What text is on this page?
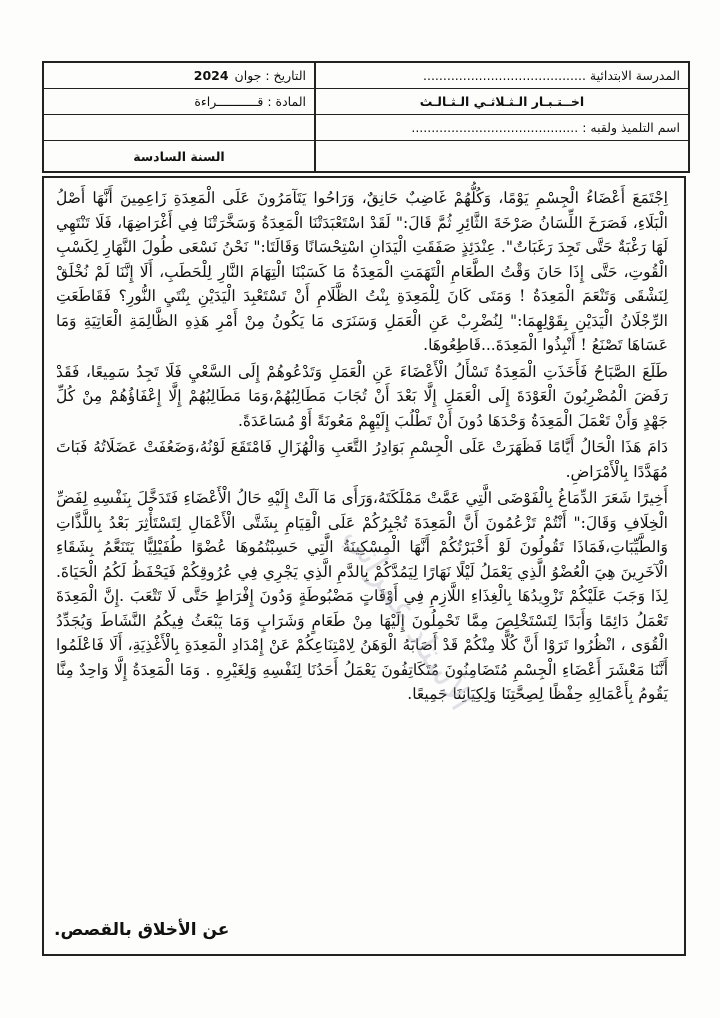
المدرسة الابتدائية .........................................
اخــتـبـار الـثـلاثـي الـثـالـث
اسم التلميذ ولقبه : ..........................................
التاريخ : جوان
2024
المادة : قـــــــــــراءة
السنة السادسة

اِجْتَمَعَ أَعْضَاءُ الْجِسْمِ يَوْمًا، وَكُلُّهُمْ غَاضِبٌ حَانِقٌ، وَرَاحُوا يَتَآمَرُونَ عَلَى الْمَعِدَةِ زَاعِمِينَ أَنَّهَا أَصْلُ الْبَلَاءِ، فَصَرَخَ اللِّسَانُ صَرْخَةَ الثَّائِرِ ثُمَّ قَالَ:" لَقَدْ اسْتَعْبَدَتْنَا الْمَعِدَةُ وَسَخَّرَتْنَا فِي أَغْرَاضِهَا، فَلَا تَنْتَهِي لَهَا رَغْبَةٌ حَتَّى تَجِدَ رَغَبَاتٌ". عِنْدَئِذٍ صَفَقَتِ الْيَدَانِ اسْتِحْسَانًا وَقَالَتَا:" نَحْنُ نَسْعَى طُولَ النَّهَارِ لِكَسْبِ الْقُوتِ، حَتَّى إِذَا حَانَ وَقْتُ الطَّعَامِ الْتَهَمَتِ الْمَعِدَةُ مَا كَسَبْنَا الْتِهَامَ النَّارِ لِلْحَطَبِ، أَلَا إِنَّنَا لَمْ نُخْلَقْ لِنَشْقَى وَتَنْعَمَ الْمَعِدَةُ ! وَمَتَى كَانَ لِلْمَعِدَةِ بِنْتُ الظَّلَامِ أَنْ تَسْتَعْبِدَ الْيَدَيْنِ بِنْتَيِ النُّورِ؟ فَقَاطَعَتِ الرِّجْلَانُ الْيَدَيْنِ بِقَوْلِهِمَا:" لِنُضْرِبْ عَنِ الْعَمَلِ وَسَنَرَى مَا يَكُونُ مِنْ أَمْرِ هَذِهِ الظَّالِمَةِ الْعَاتِيَةِ وَمَا عَسَاهَا تَصْنَعُ ! أَنْبِذُوا الْمَعِدَةَ...قَاطِعُوهَا.

طَلَعَ الصَّبَاحُ فَأَخَذَتِ الْمَعِدَةُ تَسْأَلُ الْأَعْضَاءَ عَنِ الْعَمَلِ وَتَدْعُوهُمْ إِلَى السَّعْيِ فَلَا تَجِدُ سَمِيعًا، فَقَدْ رَفَضَ الْمُضْرِبُونَ الْعَوْدَةَ إِلَى الْعَمَلِ إِلَّا بَعْدَ أَنْ تُجَابَ مَطَالِبُهُمْ،وَمَا مَطَالِبُهُمْ إِلَّا إِعْفَاؤُهُمْ مِنْ كُلِّ جَهْدٍ وَأَنْ تَعْمَلَ الْمَعِدَةُ وَحْدَهَا دُونَ أَنْ تَطْلُبَ إِلَيْهِمْ مَعُونَةً أَوْ مُسَاعَدَةً.

دَامَ هَذَا الْحَالُ أَيَّامًا فَظَهَرَتْ عَلَى الْجِسْمِ بَوَادِرُ التَّعَبِ وَالْهُزَالِ فَامْتَقَعَ لَوْنُهُ،وَضَعُفَتْ عَضَلَاتُهُ فَبَاتَ مُهَدَّدًا بِالْأَمْرَاضِ.

أَخِيرًا شَعَرَ الدِّمَاغُ بِالْفَوْضَى الَّتِي عَمَّتْ مَمْلَكَتَهُ،وَرَأَى مَا آلَتْ إِلَيْهِ حَالُ الْأَعْضَاءِ فَتَدَخَّلَ بِنَفْسِهِ لِفَضِّ الْخِلَافِ وَقَالَ:" أَنْتُمْ تَزْعُمُونَ أَنَّ الْمَعِدَةَ تُجْبِرُكُمْ عَلَى الْقِيَامِ بِشَتَّى الْأَعْمَالِ لِتَسْتَأْثِرَ بَعْدُ بِاللَّذَّاتِ وَالطَّيِّبَاتِ،فَمَاذَا تَقُولُونَ لَوْ أَخْبَرْتُكُمْ أَنَّهَا الْمِسْكِينَةُ الَّتِي حَسِبْتُمُوهَا عُضْوًا طُفَيْلِيًّا يَتَنَعَّمُ بِشَقَاءِ الْآخَرِينَ هِيَ الْعُضْوُ الَّذِي يَعْمَلُ لَيْلًا نَهَارًا لِيَمُدَّكُمْ بِالدَّمِ الَّذِي يَجْرِي فِي عُرُوقِكُمْ فَيَحْفَظُ لَكُمُ الْحَيَاةَ. لِذَا وَجَبَ عَلَيْكُمْ تَزْوِيدُهَا بِالْغِذَاءِ اللَّازِمِ فِي أَوْقَاتٍ مَضْبُوطَةٍ وَدُونَ إِفْرَاطٍ حَتَّى لَا تَتْعَبَ .إِنَّ الْمَعِدَةَ تَعْمَلُ دَائِمًا وَأَبَدًا لِتَسْتَخْلِصَ مِمَّا تَحْمِلُونَ إِلَيْهَا مِنْ طَعَامٍ وَشَرَابٍ وَمَا يَبْعَثُ فِيكُمُ النَّشَاطَ وَيُجَدِّدُ الْقُوَى ، انْظُرُوا تَرَوْا أَنَّ كُلًّا مِنْكُمْ قَدْ أَصَابَهُ الْوَهَنُ لِامْتِنَاعِكُمْ عَنْ إِمْدَادِ الْمَعِدَةِ بِالْأَغْذِيَةِ، أَلَا فَاعْلَمُوا أَنَّنَا مَعْشَرَ أَعْضَاءِ الْجِسْمِ مُتَضَامِنُونَ مُتَكَاتِفُونَ يَعْمَلُ أَحَدُنَا لِنَفْسِهِ وَلِغَيْرِهِ . وَمَا الْمَعِدَةُ إِلَّا وَاحِدٌ مِنَّا يَقُومُ بِأَعْمَالِهِ حِفْظًا لِصِحَّتِنَا وَلِكِيَانِنَا جَمِيعًا.

الأستاذ عمراني
عن الأخلاق بالقصص.
